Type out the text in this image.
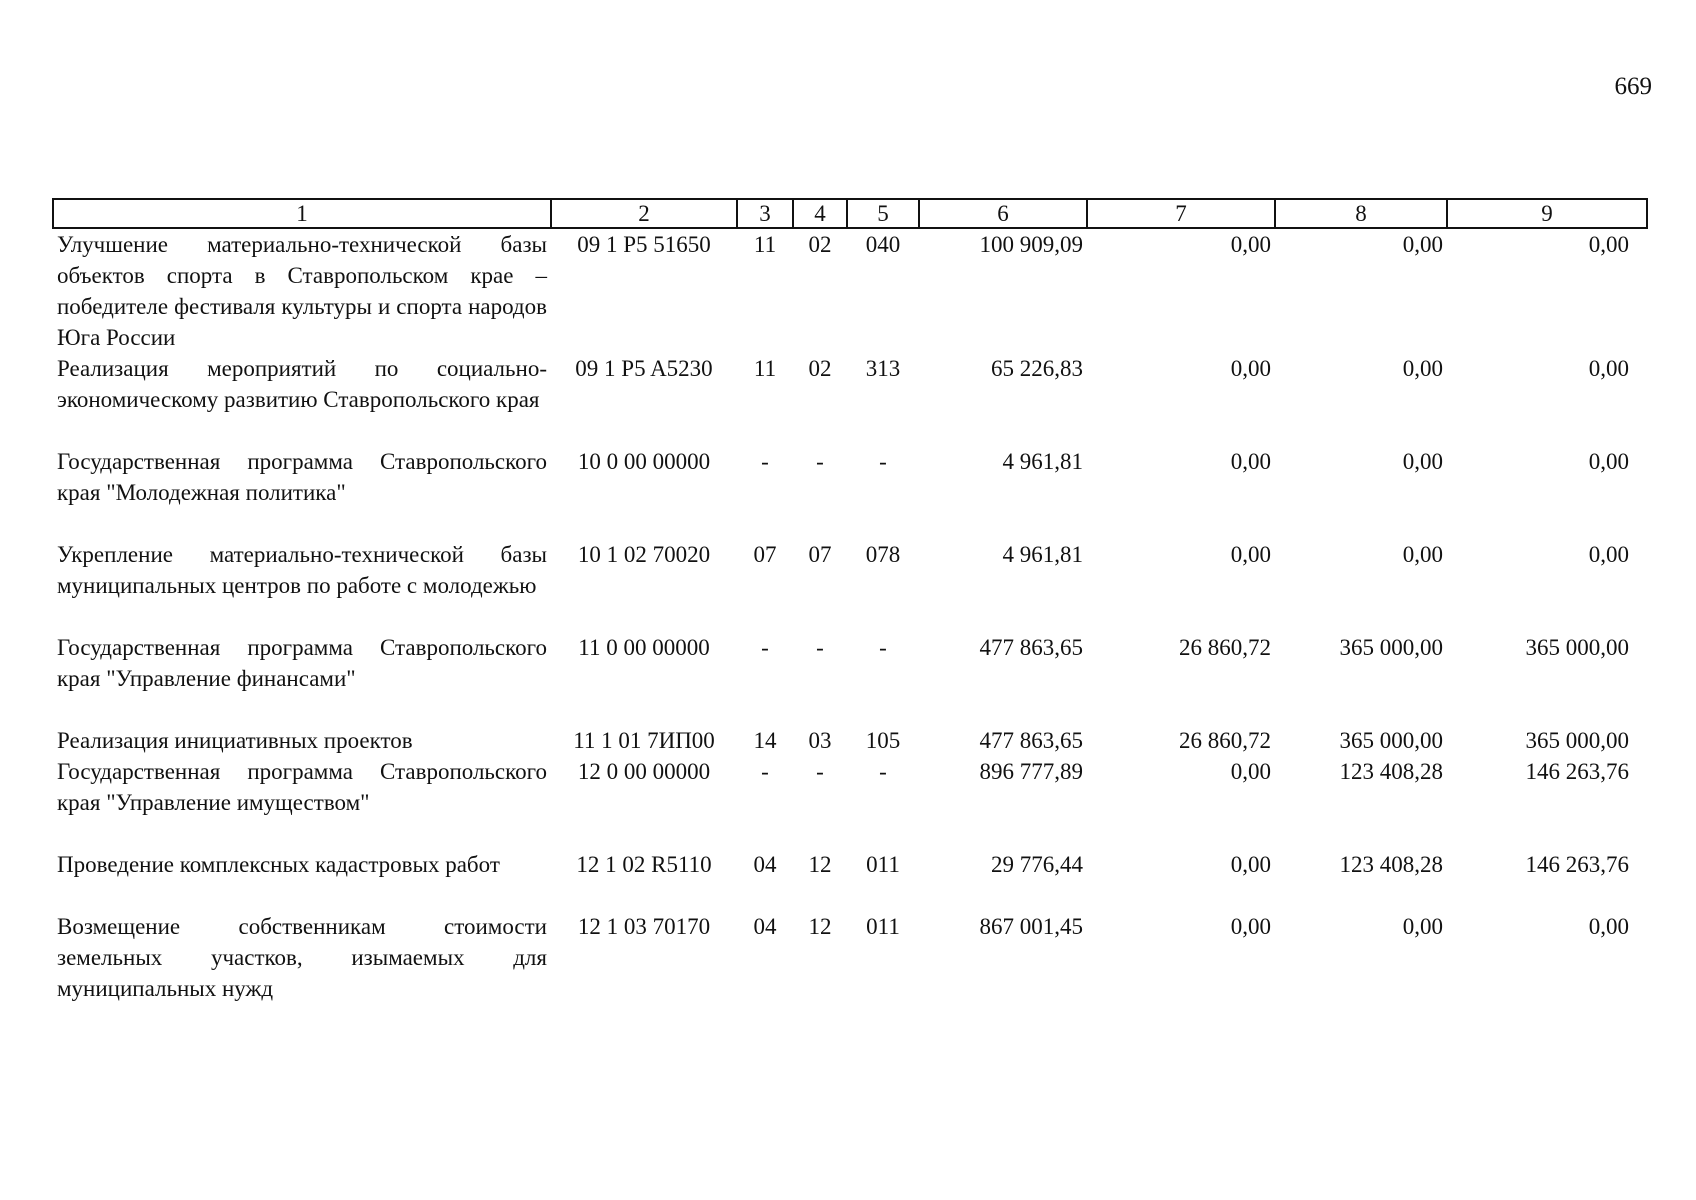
669
1	2	3	4	5	6	7	8	9
Улучшение материально-технической базы объектов спорта в Ставропольском крае – победителе фестиваля культуры и спорта народов Юга России	09 1 P5 51650	11	02	040	100 909,09	0,00	0,00	0,00
Реализация мероприятий по социально-экономическому развитию Ставропольского края	09 1 P5 A5230	11	02	313	65 226,83	0,00	0,00	0,00
Государственная программа Ставропольского края "Молодежная политика"	10 0 00 00000	-	-	-	4 961,81	0,00	0,00	0,00
Укрепление материально-технической базы муниципальных центров по работе с молодежью	10 1 02 70020	07	07	078	4 961,81	0,00	0,00	0,00
Государственная программа Ставропольского края "Управление финансами"	11 0 00 00000	-	-	-	477 863,65	26 860,72	365 000,00	365 000,00
Реализация инициативных проектов	11 1 01 7ИП00	14	03	105	477 863,65	26 860,72	365 000,00	365 000,00
Государственная программа Ставропольского края "Управление имуществом"	12 0 00 00000	-	-	-	896 777,89	0,00	123 408,28	146 263,76
Проведение комплексных кадастровых работ	12 1 02 R5110	04	12	011	29 776,44	0,00	123 408,28	146 263,76
Возмещение собственникам стоимости земельных участков, изымаемых для муниципальных нужд	12 1 03 70170	04	12	011	867 001,45	0,00	0,00	0,00
